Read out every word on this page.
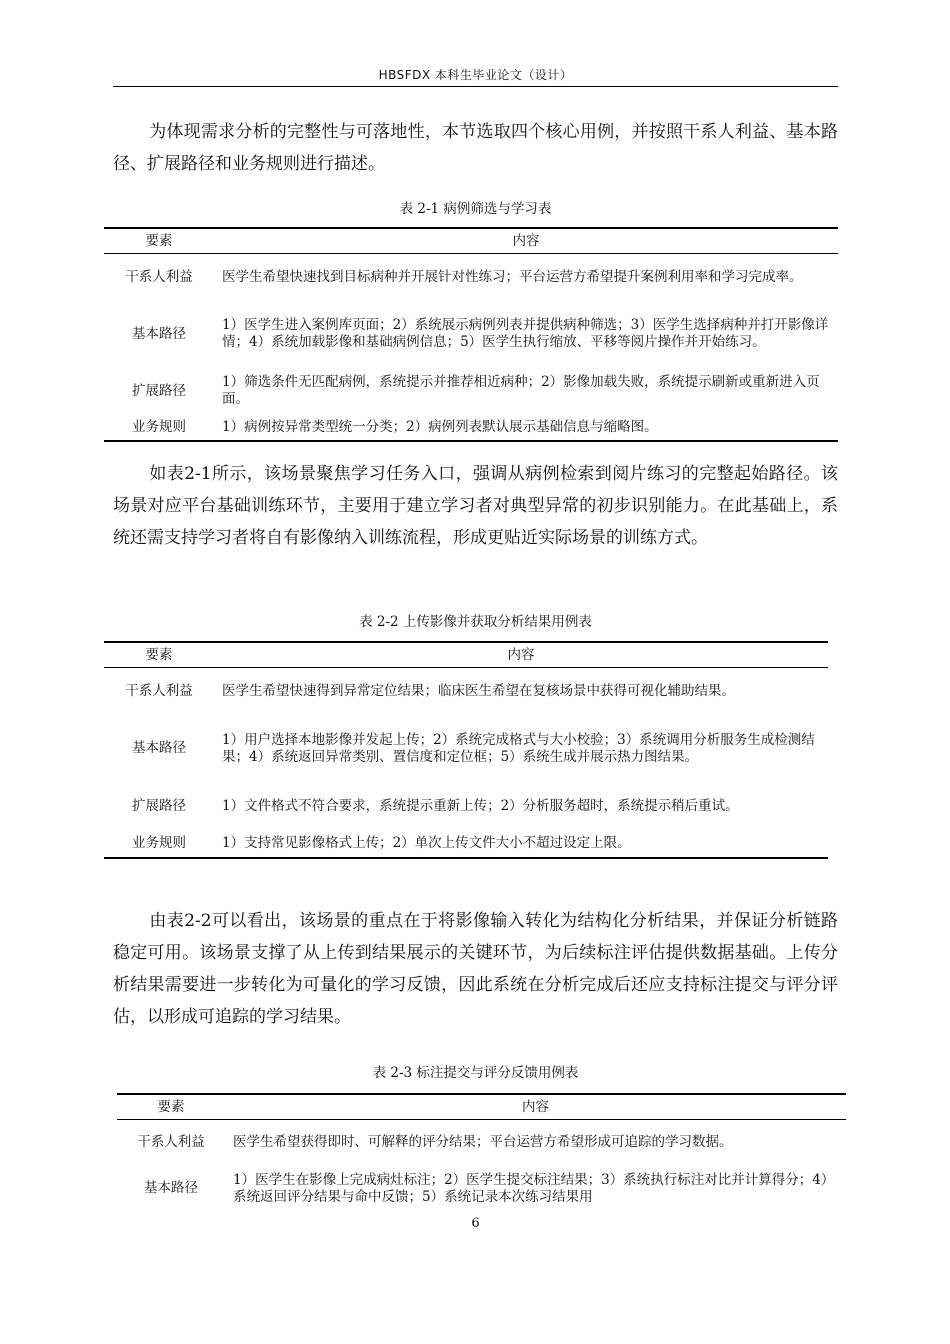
HBSFDX 本科生毕业论文（设计）

为体现需求分析的完整性与可落地性，本节选取四个核心用例，并按照干系人利益、基本路径、扩展路径和业务规则进行描述。

表 2-1 病例筛选与学习表
要素	内容
干系人利益	医学生希望快速找到目标病种并开展针对性练习；平台运营方希望提升案例利用率和学习完成率。
基本路径	1）医学生进入案例库页面；2）系统展示病例列表并提供病种筛选；3）医学生选择病种并打开影像详情；4）系统加载影像和基础病例信息；5）医学生执行缩放、平移等阅片操作并开始练习。
扩展路径	1）筛选条件无匹配病例，系统提示并推荐相近病种；2）影像加载失败，系统提示刷新或重新进入页面。
业务规则	1）病例按异常类型统一分类；2）病例列表默认展示基础信息与缩略图。

如表2-1所示，该场景聚焦学习任务入口，强调从病例检索到阅片练习的完整起始路径。该场景对应平台基础训练环节，主要用于建立学习者对典型异常的初步识别能力。在此基础上，系统还需支持学习者将自有影像纳入训练流程，形成更贴近实际场景的训练方式。

表 2-2 上传影像并获取分析结果用例表
要素	内容
干系人利益	医学生希望快速得到异常定位结果；临床医生希望在复核场景中获得可视化辅助结果。
基本路径	1）用户选择本地影像并发起上传；2）系统完成格式与大小校验；3）系统调用分析服务生成检测结果；4）系统返回异常类别、置信度和定位框；5）系统生成并展示热力图结果。
扩展路径	1）文件格式不符合要求，系统提示重新上传；2）分析服务超时，系统提示稍后重试。
业务规则	1）支持常见影像格式上传；2）单次上传文件大小不超过设定上限。

由表2-2可以看出，该场景的重点在于将影像输入转化为结构化分析结果，并保证分析链路稳定可用。该场景支撑了从上传到结果展示的关键环节，为后续标注评估提供数据基础。上传分析结果需要进一步转化为可量化的学习反馈，因此系统在分析完成后还应支持标注提交与评分评估，以形成可追踪的学习结果。

表 2-3 标注提交与评分反馈用例表
要素	内容
干系人利益	医学生希望获得即时、可解释的评分结果；平台运营方希望形成可追踪的学习数据。
基本路径	1）医学生在影像上完成病灶标注；2）医学生提交标注结果；3）系统执行标注对比并计算得分；4）系统返回评分结果与命中反馈；5）系统记录本次练习结果用
6
